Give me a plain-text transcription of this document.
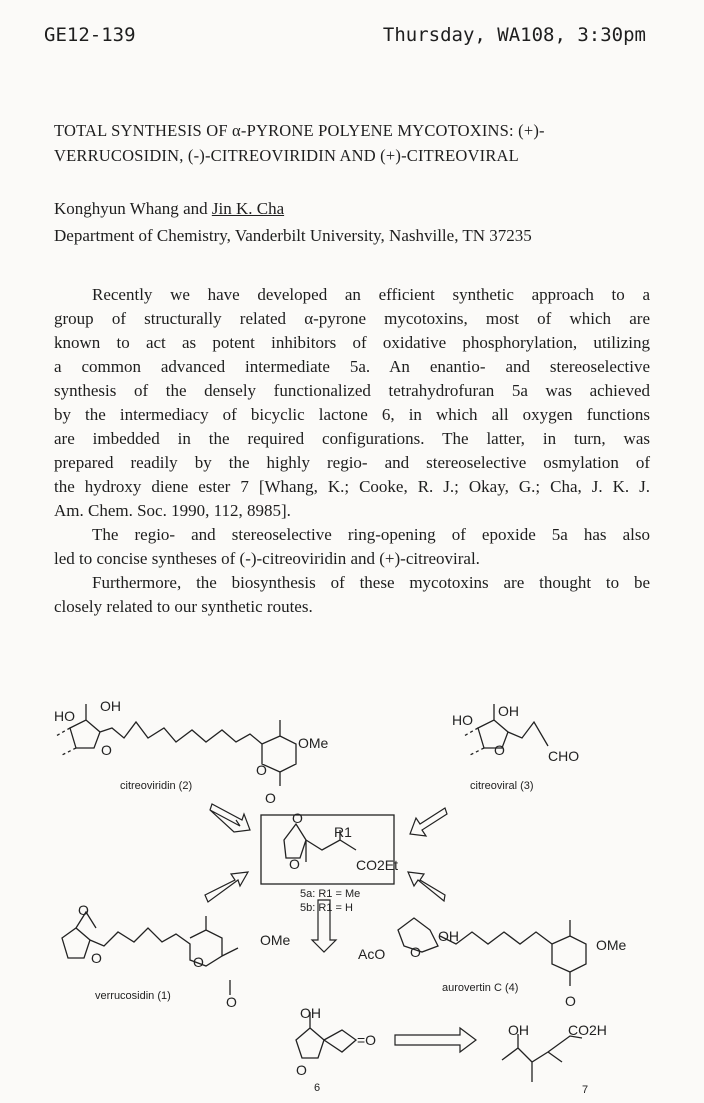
GE12-139	Thursday, WA108, 3:30pm
TOTAL SYNTHESIS OF α-PYRONE POLYENE MYCOTOXINS: (+)-
VERRUCOSIDIN, (-)-CITREOVIRIDIN AND (+)-CITREOVIRAL
Konghyun Whang and Jin K. Cha
Department of Chemistry, Vanderbilt University, Nashville, TN 37235
Recently we have developed an efficient synthetic approach to a
group of structurally related α-pyrone mycotoxins, most of which are
known to act as potent inhibitors of oxidative phosphorylation, utilizing
a common advanced intermediate 5a. An enantio- and stereoselective
synthesis of the densely functionalized tetrahydrofuran 5a was achieved
by the intermediacy of bicyclic lactone 6, in which all oxygen functions
are imbedded in the required configurations. The latter, in turn, was
prepared readily by the highly regio- and stereoselective osmylation of
the hydroxy diene ester 7 [Whang, K.; Cooke, R. J.; Okay, G.; Cha, J. K. J.
Am. Chem. Soc. 1990, 112, 8985].
The regio- and stereoselective ring-opening of epoxide 5a has also
led to concise syntheses of (-)-citreoviridin and (+)-citreoviral.
Furthermore, the biosynthesis of these mycotoxins are thought to be
closely related to our synthetic routes.
HO
OH
OMe
O
O
O
citreoviridin (2)
HO
OH
O	CHO
citreoviral (3)
O
O
R1
CO2Et
5a: R1 = Me
5b: R1 = H
O
O	O
OMe
O
verrucosidin (1)
AcO
OH
O	OMe
O
aurovertin C (4)
OH
O
=O
6
OH	CO2H
7
